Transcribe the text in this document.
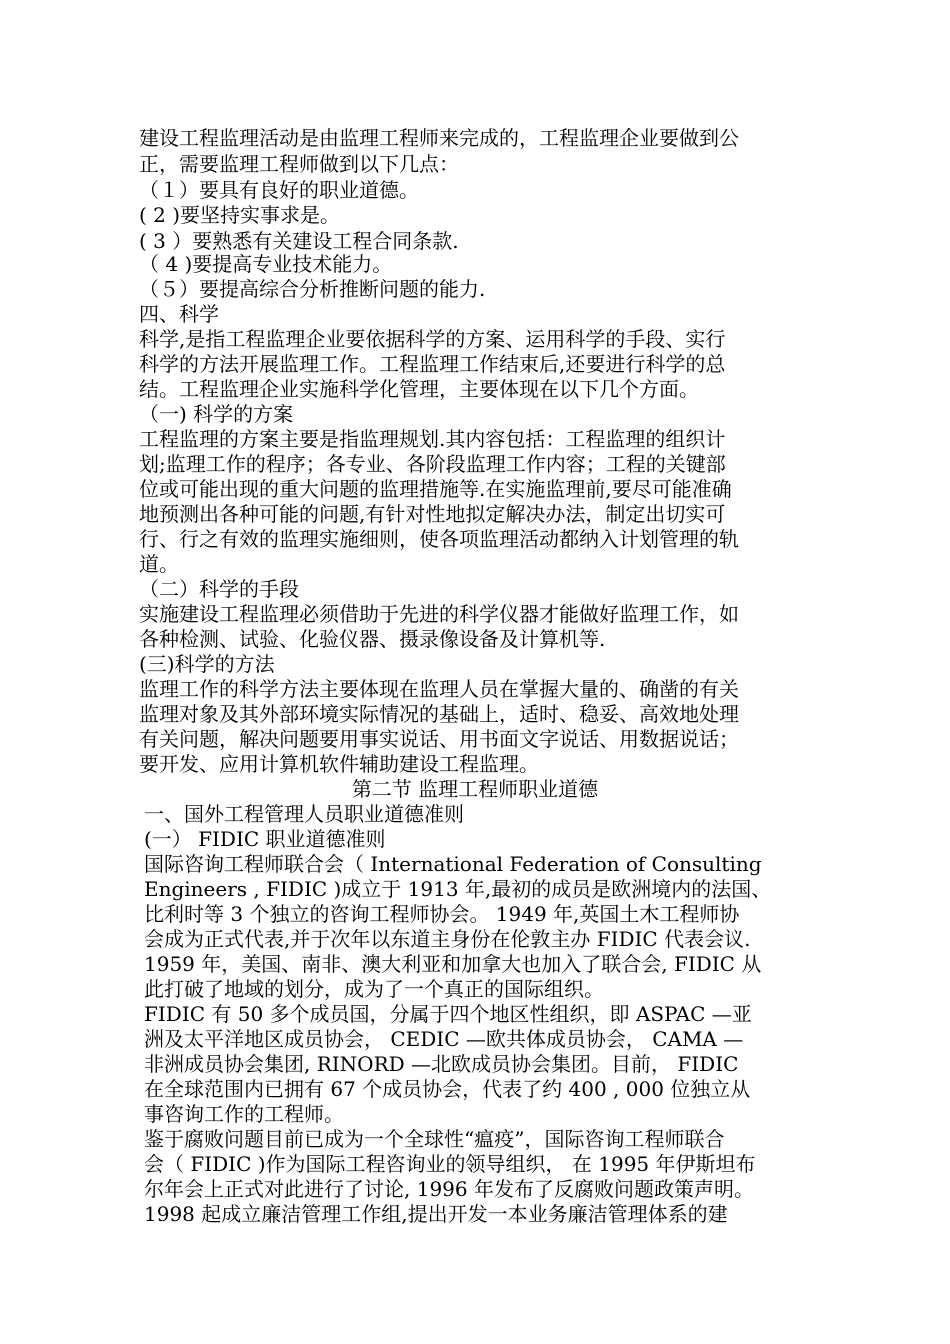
建设工程监理活动是由监理工程师来完成的，工程监理企业要做到公
正，需要监理工程师做到以下几点：
（１）要具有良好的职业道德。
( 2 )要坚持实事求是。
( 3 ）要熟悉有关建设工程合同条款.
（ 4 )要提高专业技术能力。
（５）要提高综合分析推断问题的能力.
四、科学
科学,是指工程监理企业要依据科学的方案、运用科学的手段、实行
科学的方法开展监理工作。工程监理工作结束后,还要进行科学的总
结。工程监理企业实施科学化管理，主要体现在以下几个方面。
（一) 科学的方案
工程监理的方案主要是指监理规划.其内容包括：工程监理的组织计
划;监理工作的程序；各专业、各阶段监理工作内容；工程的关键部
位或可能出现的重大问题的监理措施等.在实施监理前,要尽可能准确
地预测出各种可能的问题,有针对性地拟定解决办法，制定出切实可
行、行之有效的监理实施细则，使各项监理活动都纳入计划管理的轨
道。
（二）科学的手段
实施建设工程监理必须借助于先进的科学仪器才能做好监理工作，如
各种检测、试验、化验仪器、摄录像设备及计算机等.
(三)科学的方法
监理工作的科学方法主要体现在监理人员在掌握大量的、确凿的有关
监理对象及其外部环境实际情况的基础上，适时、稳妥、高效地处理
有关问题，解决问题要用事实说话、用书面文字说话、用数据说话；
要开发、应用计算机软件辅助建设工程监理。
第二节 监理工程师职业道德
一、国外工程管理人员职业道德准则
(一） FIDIC 职业道德准则
国际咨询工程师联合会（ International Federation of Consulting
Engineers , FIDIC )成立于 1913 年,最初的成员是欧洲境内的法国、
比利时等 3 个独立的咨询工程师协会。 1949 年,英国土木工程师协
会成为正式代表,并于次年以东道主身份在伦敦主办 FIDIC 代表会议.
1959 年，美国、南非、澳大利亚和加拿大也加入了联合会, FIDIC 从
此打破了地域的划分，成为了一个真正的国际组织。
FIDIC 有 50 多个成员国，分属于四个地区性组织，即 ASPAC —亚
洲及太平洋地区成员协会， CEDIC —欧共体成员协会， CAMA —
非洲成员协会集团, RINORD —北欧成员协会集团。目前， FIDIC
在全球范围内已拥有 67 个成员协会，代表了约 400 , 000 位独立从
事咨询工作的工程师。
鉴于腐败问题目前已成为一个全球性“瘟疫”，国际咨询工程师联合
会（ FIDIC )作为国际工程咨询业的领导组织， 在 1995 年伊斯坦布
尔年会上正式对此进行了讨论, 1996 年发布了反腐败问题政策声明。
1998 起成立廉洁管理工作组,提出开发一本业务廉洁管理体系的建
